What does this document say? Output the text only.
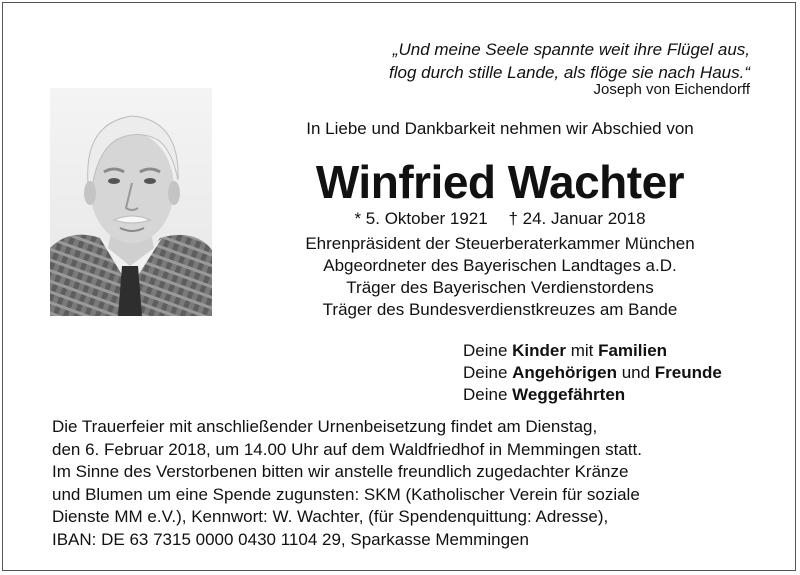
„Und meine Seele spannte weit ihre Flügel aus,
flog durch stille Lande, als flöge sie nach Haus.“
Joseph von Eichendorff
In Liebe und Dankbarkeit nehmen wir Abschied von
Winfried Wachter
* 5. Oktober 1921 † 24. Januar 2018
Ehrenpräsident der Steuerberaterkammer München
Abgeordneter des Bayerischen Landtages a.D.
Träger des Bayerischen Verdienstordens
Träger des Bundesverdienstkreuzes am Bande
Deine Kinder mit Familien
Deine Angehörigen und Freunde
Deine Weggefährten
Die Trauerfeier mit anschließender Urnenbeisetzung findet am Dienstag,
den 6. Februar 2018, um 14.00 Uhr auf dem Waldfriedhof in Memmingen statt.
Im Sinne des Verstorbenen bitten wir anstelle freundlich zugedachter Kränze
und Blumen um eine Spende zugunsten: SKM (Katholischer Verein für soziale
Dienste MM e.V.), Kennwort: W. Wachter, (für Spendenquittung: Adresse),
IBAN: DE 63 7315 0000 0430 1104 29, Sparkasse Memmingen
